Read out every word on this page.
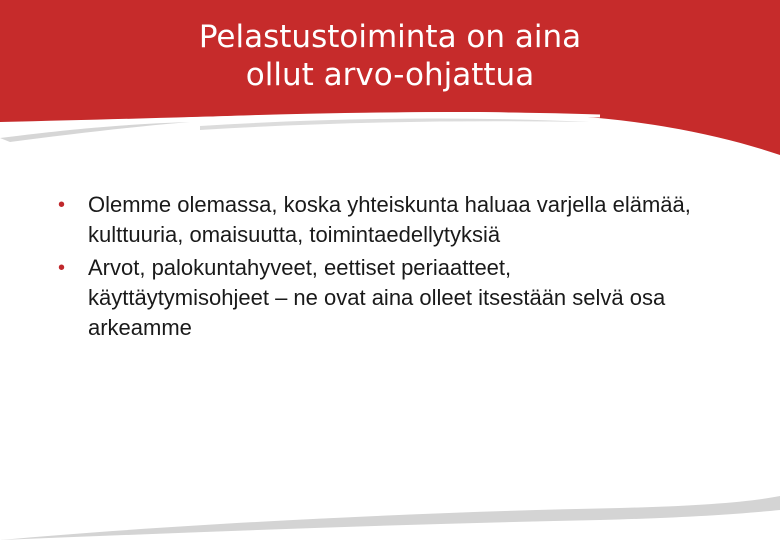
Pelastustoiminta on aina
ollut arvo-ohjattua
• Olemme olemassa, koska yhteiskunta haluaa varjella elämää, kulttuuria, omaisuutta, toimintaedellytyksiä
• Arvot, palokuntahyveet, eettiset periaatteet, käyttäytymisohjeet – ne ovat aina olleet itsestään selvä osa arkeamme
